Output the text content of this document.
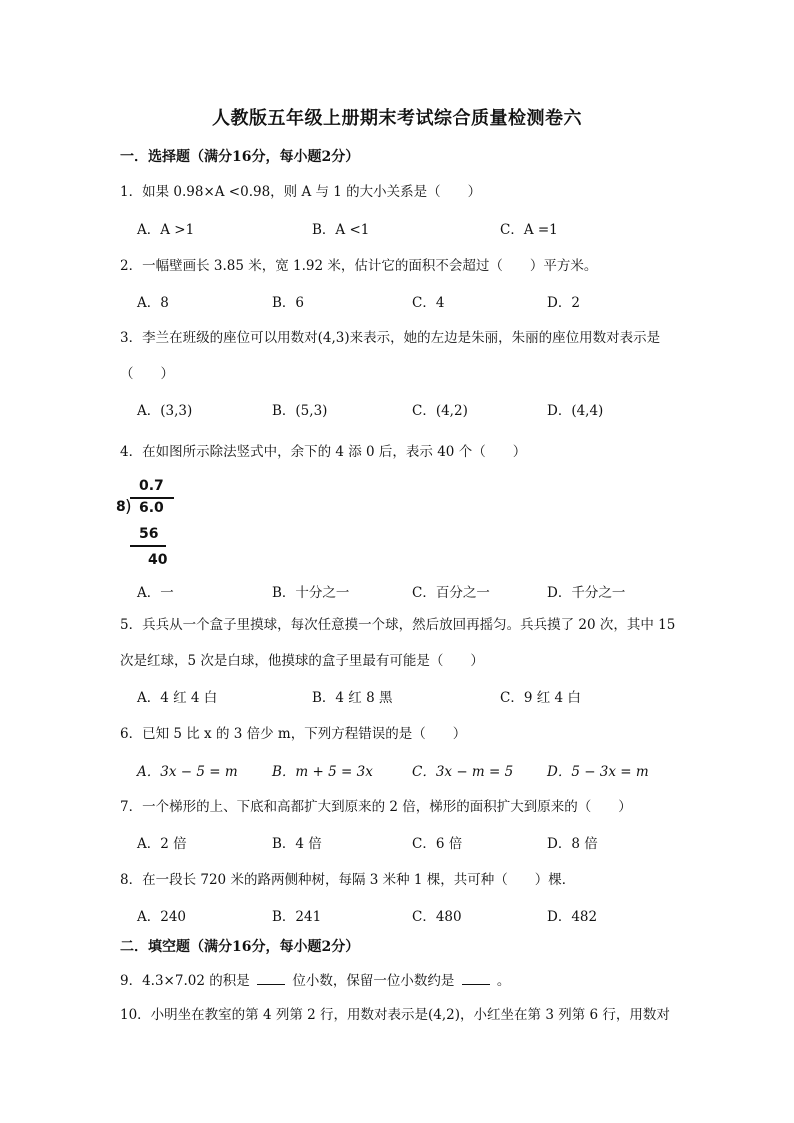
人教版五年级上册期末考试综合质量检测卷六
一．选择题（满分16分，每小题2分）
1．如果 0.98×A <0.98，则 A 与 1 的大小关系是（　　）
A．A >1	B．A <1	C．A =1
2．一幅壁画长 3.85 米，宽 1.92 米，估计它的面积不会超过（　　）平方米。
A．8	B．6	C．4	D．2
3．李兰在班级的座位可以用数对(4,3)来表示，她的左边是朱丽，朱丽的座位用数对表示是
（　　）
A．(3,3)	B．(5,3)	C．(4,2)	D．(4,4)
4．在如图所示除法竖式中，余下的 4 添 0 后，表示 40 个（　　）
0.7
8 ) 6.0
56
40
A．一	B．十分之一	C．百分之一	D．千分之一
5．兵兵从一个盒子里摸球，每次任意摸一个球，然后放回再摇匀。兵兵摸了 20 次，其中 15
次是红球，5 次是白球，他摸球的盒子里最有可能是（　　）
A．4 红 4 白	B．4 红 8 黑	C．9 红 4 白
6．已知 5 比 x 的 3 倍少 m，下列方程错误的是（　　）
A．3x − 5 = m	B．m + 5 = 3x	C．3x − m = 5	D．5 − 3x = m
7．一个梯形的上、下底和高都扩大到原来的 2 倍，梯形的面积扩大到原来的（　　）
A．2 倍	B．4 倍	C．6 倍	D．8 倍
8．在一段长 720 米的路两侧种树，每隔 3 米种 1 棵，共可种（　　）棵．
A．240	B．241	C．480	D．482
二．填空题（满分16分，每小题2分）
9．4.3×7.02 的积是	位小数，保留一位小数约是	。
10．小明坐在教室的第 4 列第 2 行，用数对表示是(4,2)，小红坐在第 3 列第 6 行，用数对
